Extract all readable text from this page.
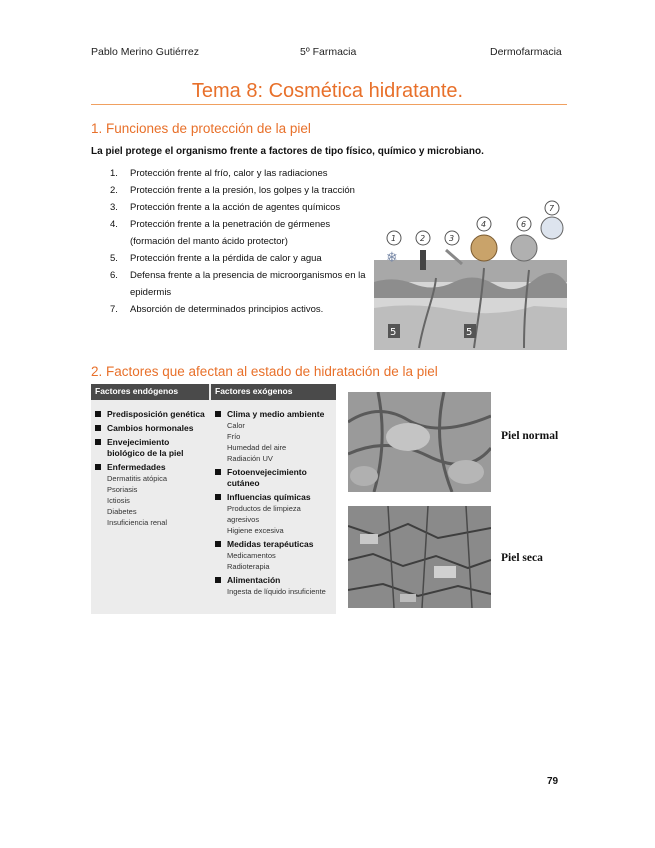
Pablo Merino Gutiérrez	5º Farmacia	Dermofarmacia
Tema 8: Cosmética hidratante.
1. Funciones de protección de la piel
La piel protege el organismo frente a factores de tipo físico, químico y microbiano.
1.	Protección frente al frío, calor y las radiaciones
2.	Protección frente a la presión, los golpes y la tracción
3.	Protección frente a la acción de agentes químicos
4.	Protección frente a la penetración de gérmenes (formación del manto ácido protector)
5.	Protección frente a la pérdida de calor y agua
6.	Defensa frente a la presencia de microorganismos en la epidermis
7.	Absorción de determinados principios activos.
5	5
1	2	3
4	6
7
❄
2. Factores que afectan al estado de hidratación de la piel
Factores endógenos	Factores exógenos
Predisposición genética
Cambios hormonales
Envejecimiento biológico de la piel
Enfermedades
Dermatitis atópica
Psoriasis
Ictiosis
Diabetes
Insuficiencia renal
Clima y medio ambiente
Calor
Frío
Humedad del aire
Radiación UV
Fotoenvejecimiento cutáneo
Influencias químicas
Productos de limpieza agresivos
Higiene excesiva
Medidas terapéuticas
Medicamentos
Radioterapia
Alimentación
Ingesta de líquido insuficiente
Piel normal
Piel seca
79
